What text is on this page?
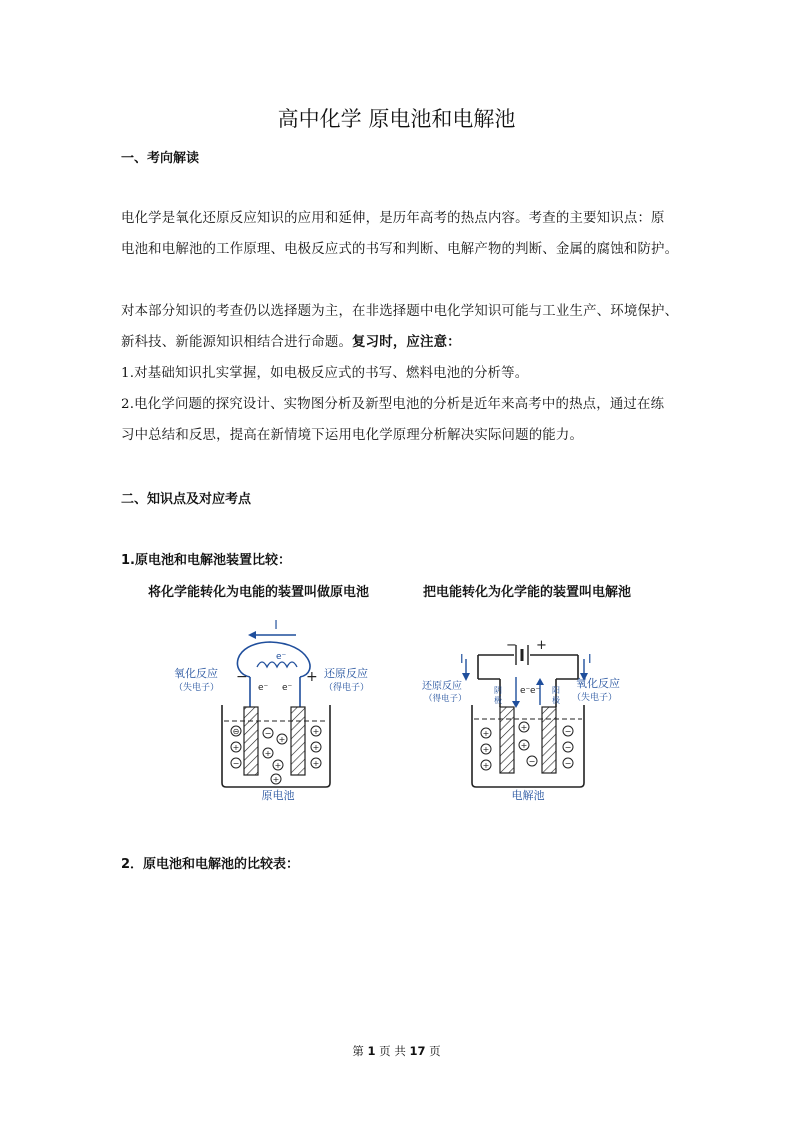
高中化学 原电池和电解池
一、考向解读
电化学是氧化还原反应知识的应用和延伸，是历年高考的热点内容。考查的主要知识点：原
电池和电解池的工作原理、电极反应式的书写和判断、电解产物的判断、金属的腐蚀和防护。
对本部分知识的考查仍以选择题为主，在非选择题中电化学知识可能与工业生产、环境保护、
新科技、新能源知识相结合进行命题。复习时，应注意：
1.对基础知识扎实掌握，如电极反应式的书写、燃料电池的分析等。
2.电化学问题的探究设计、实物图分析及新型电池的分析是近年来高考中的热点，通过在练
习中总结和反思，提高在新情境下运用电化学原理分析解决实际问题的能力。
二、知识点及对应考点
1.原电池和电解池装置比较：
将化学能转化为电能的装置叫做原电池	把电能转化为化学能的装置叫电解池
⊖
+
−
−
+
+
+
+
+
+
+
I
e⁻
e⁻ e⁻
−	+
氧化反应
（失电子）
还原反应
（得电子）
原电池
+
+
+
+
+
−
−
−
−
I	I
− +
还原反应
（得电子）
氧化反应
（失电子）
阴
极
阳
极
e⁻ e⁻
电解池
2．原电池和电解池的比较表：
第 1 页 共 17 页
